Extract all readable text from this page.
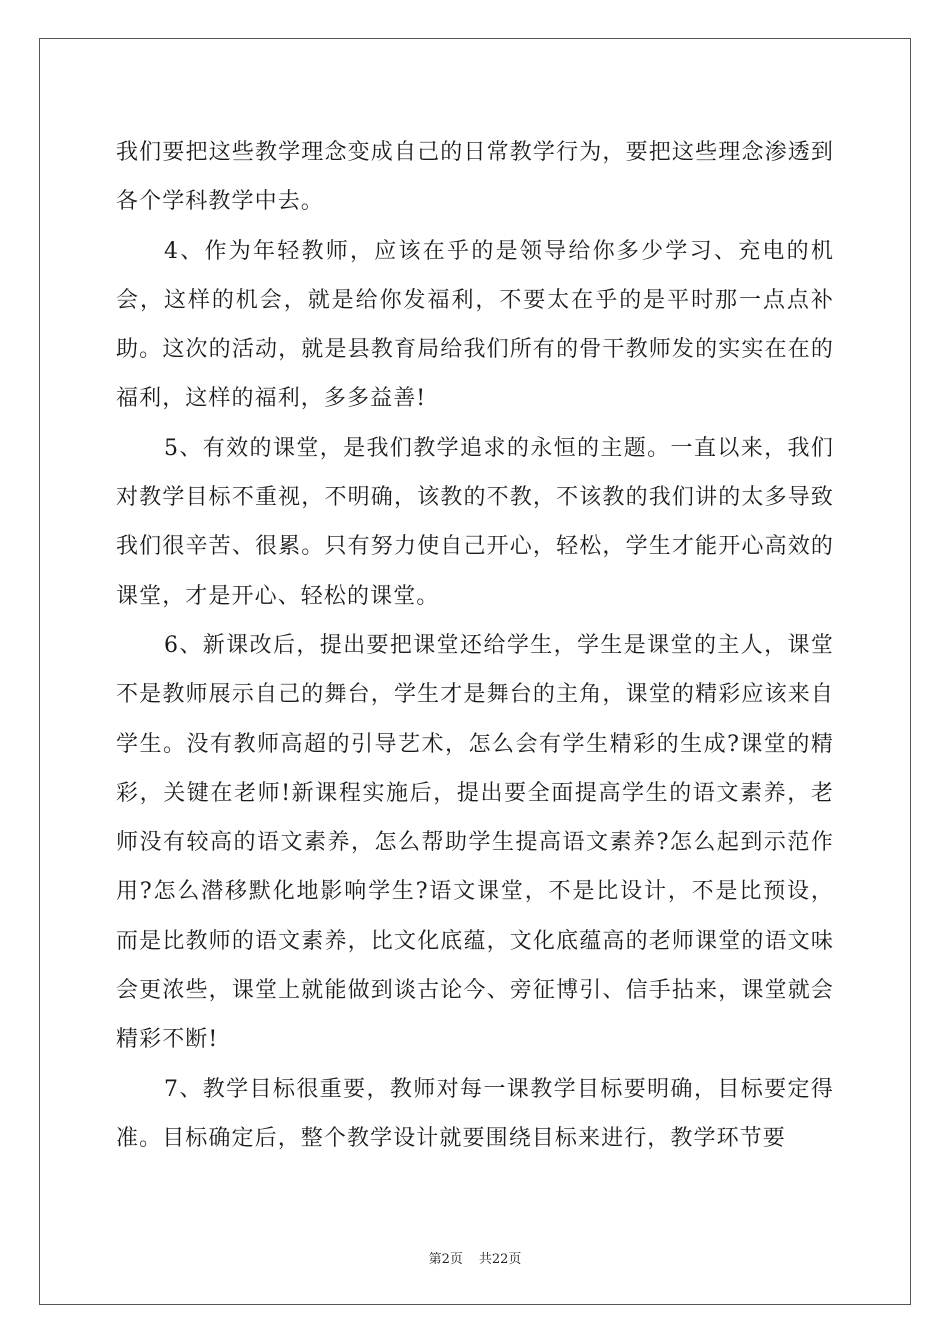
我们要把这些教学理念变成自己的日常教学行为，要把这些理念渗透到各个学科教学中去。

4、作为年轻教师，应该在乎的是领导给你多少学习、充电的机会，这样的机会，就是给你发福利，不要太在乎的是平时那一点点补助。这次的活动，就是县教育局给我们所有的骨干教师发的实实在在的福利，这样的福利，多多益善!

5、有效的课堂，是我们教学追求的永恒的主题。一直以来，我们对教学目标不重视，不明确，该教的不教，不该教的我们讲的太多导致我们很辛苦、很累。只有努力使自己开心，轻松，学生才能开心高效的课堂，才是开心、轻松的课堂。

6、新课改后，提出要把课堂还给学生，学生是课堂的主人，课堂不是教师展示自己的舞台，学生才是舞台的主角，课堂的精彩应该来自学生。没有教师高超的引导艺术，怎么会有学生精彩的生成?课堂的精彩，关键在老师!新课程实施后，提出要全面提高学生的语文素养，老师没有较高的语文素养，怎么帮助学生提高语文素养?怎么起到示范作用?怎么潜移默化地影响学生?语文课堂，不是比设计，不是比预设，而是比教师的语文素养，比文化底蕴，文化底蕴高的老师课堂的语文味会更浓些，课堂上就能做到谈古论今、旁征博引、信手拈来，课堂就会精彩不断!

7、教学目标很重要，教师对每一课教学目标要明确，目标要定得准。目标确定后，整个教学设计就要围绕目标来进行，教学环节要

第2页 共22页
